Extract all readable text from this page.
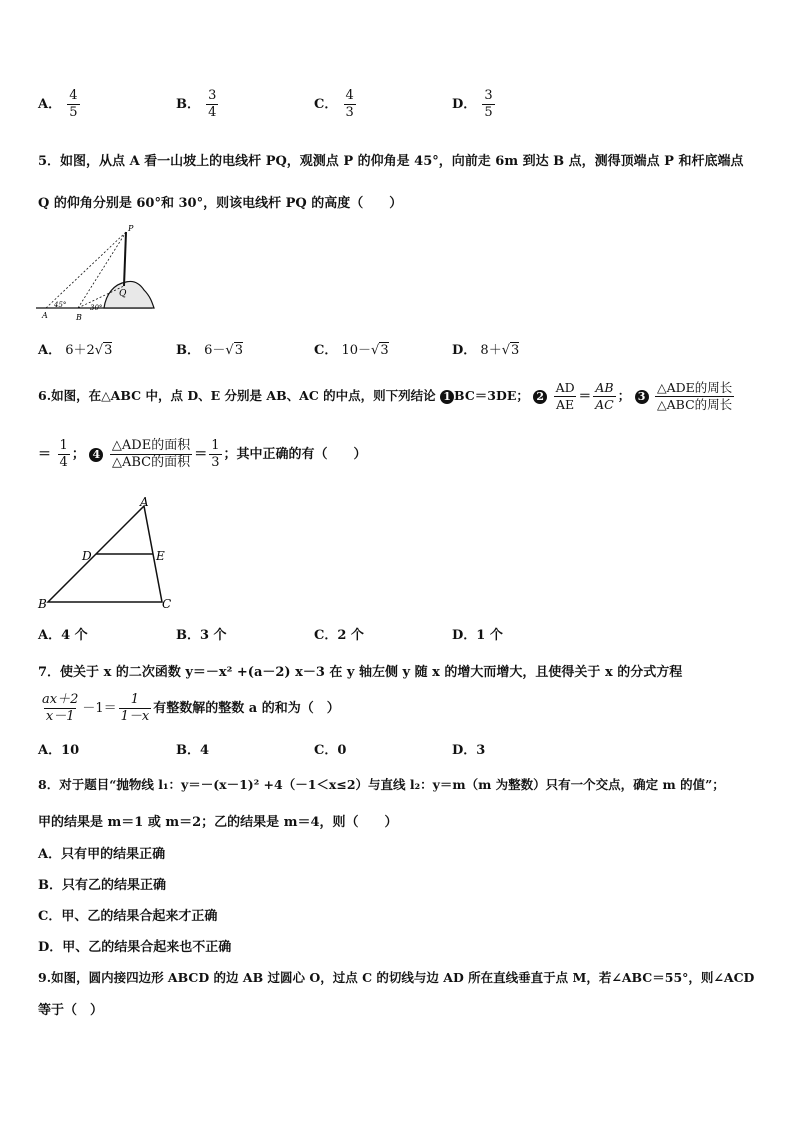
A． $\frac{4}{5}$	B． $\frac{3}{4}$	C． $\frac{4}{3}$	D． $\frac{3}{5}$
5．如图，从点 A 看一山坡上的电线杆 PQ，观测点 P 的仰角是 45°，向前走 6m 到达 B 点，测得顶端点 P 和杆底端点
Q 的仰角分别是 60°和 30°，则该电线杆 PQ 的高度（　　）
P
Q
A	B
45°	30°
A． 6＋2√3	B． 6－√3	C． 10－√3	D． 8＋√3
6.如图，在△ABC 中，点 D、E 分别是 AB、AC 的中点，则下列结论 1 BC＝3DE； $2 \frac{AD}{AE} = \frac{AB}{AC}$ ； $3 \frac{\text{△ADE的周长}}{\text{△ABC的周长}}$
＝ $\frac{1}{4}$ ； $4 \frac{\text{△ADE的面积}}{\text{△ABC的面积}} = \frac{1}{3}$ ；其中正确的有（　　）
A
B	C
D	E
A．4 个	B．3 个	C．2 个	D．1 个
7．使关于 x 的二次函数 y＝－x² +(a－2) x－3 在 y 轴左侧 y 随 x 的增大而增大，且使得关于 x 的分式方程
$\frac{ax+2}{x-1} -1= \frac{1}{1-x}$ 有整数解的整数 a 的和为（　）
A．10	B．4	C．0	D．3
8．对于题目“抛物线 l₁：y＝－(x－1)² +4（－1＜x≤2）与直线 l₂：y＝m（m 为整数）只有一个交点，确定 m 的值”；
甲的结果是 m＝1 或 m＝2；乙的结果是 m＝4，则（　　）
A．只有甲的结果正确
B．只有乙的结果正确
C．甲、乙的结果合起来才正确
D．甲、乙的结果合起来也不正确
9.如图，圆内接四边形 ABCD 的边 AB 过圆心 O，过点 C 的切线与边 AD 所在直线垂直于点 M，若∠ABC＝55°，则∠ACD
等于（　）
